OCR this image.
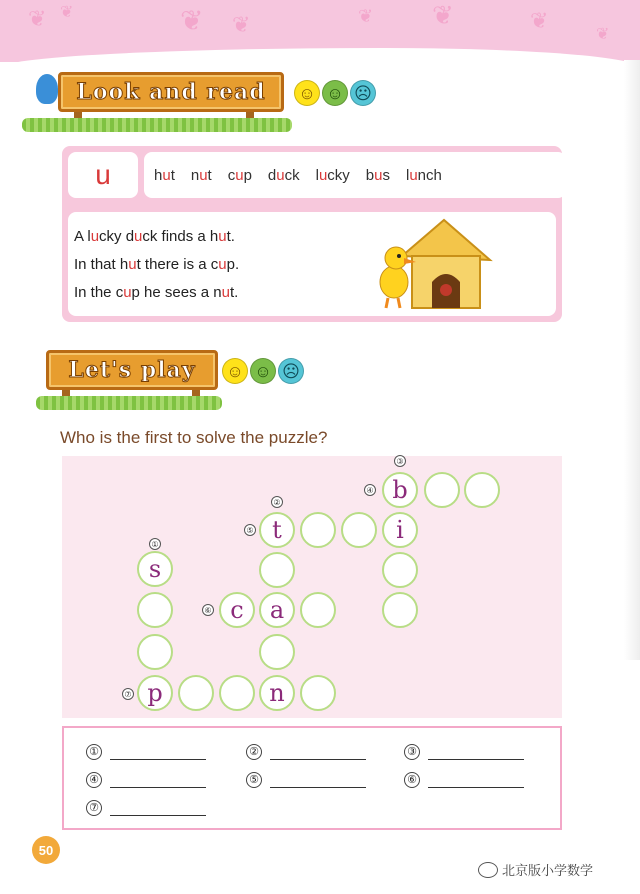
❦ ❦	❦ ❦	❦ ❦	❦
❦
Look and read	☺ ☺ ☹
u	hut nut cup duck lucky bus lunch
A lucky duck finds a hut.
In that hut there is a cup.
In the cup he sees a nut.
Let's play	☺ ☺ ☹
Who is the first to solve the puzzle?
①
②
③
④
⑤
⑥
⑦
b
t	i
s
c	a
p	n
①	②	③
④	⑤	⑥
⑦
50
北京版小学数学
